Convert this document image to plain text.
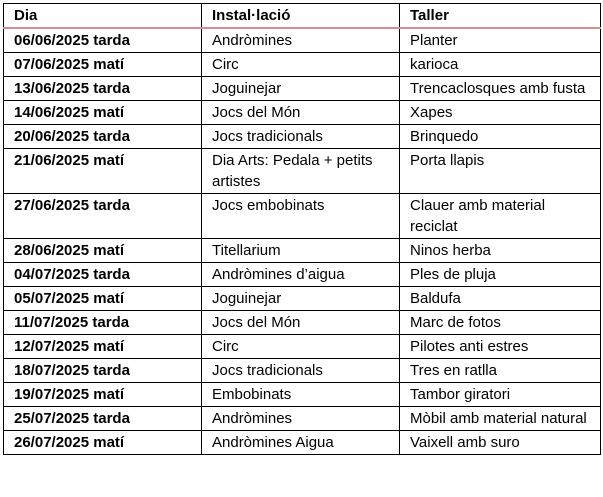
Dia	Instal·lació	Taller
06/06/2025 tarda	Andròmines	Planter
07/06/2025 matí	Circ	karioca
13/06/2025 tarda	Joguinejar	Trencaclosques amb fusta
14/06/2025 matí	Jocs del Món	Xapes
20/06/2025 tarda	Jocs tradicionals	Brinquedo
21/06/2025 matí	Dia Arts: Pedala + petits artistes	Porta llapis
27/06/2025 tarda	Jocs embobinats	Clauer amb material reciclat
28/06/2025 matí	Titellarium	Ninos herba
04/07/2025 tarda	Andròmines d’aigua	Ples de pluja
05/07/2025 matí	Joguinejar	Baldufa
11/07/2025 tarda	Jocs del Món	Marc de fotos
12/07/2025 matí	Circ	Pilotes anti estres
18/07/2025 tarda	Jocs tradicionals	Tres en ratlla
19/07/2025 matí	Embobinats	Tambor giratori
25/07/2025 tarda	Andròmines	Mòbil amb material natural
26/07/2025 matí	Andròmines Aigua	Vaixell amb suro
